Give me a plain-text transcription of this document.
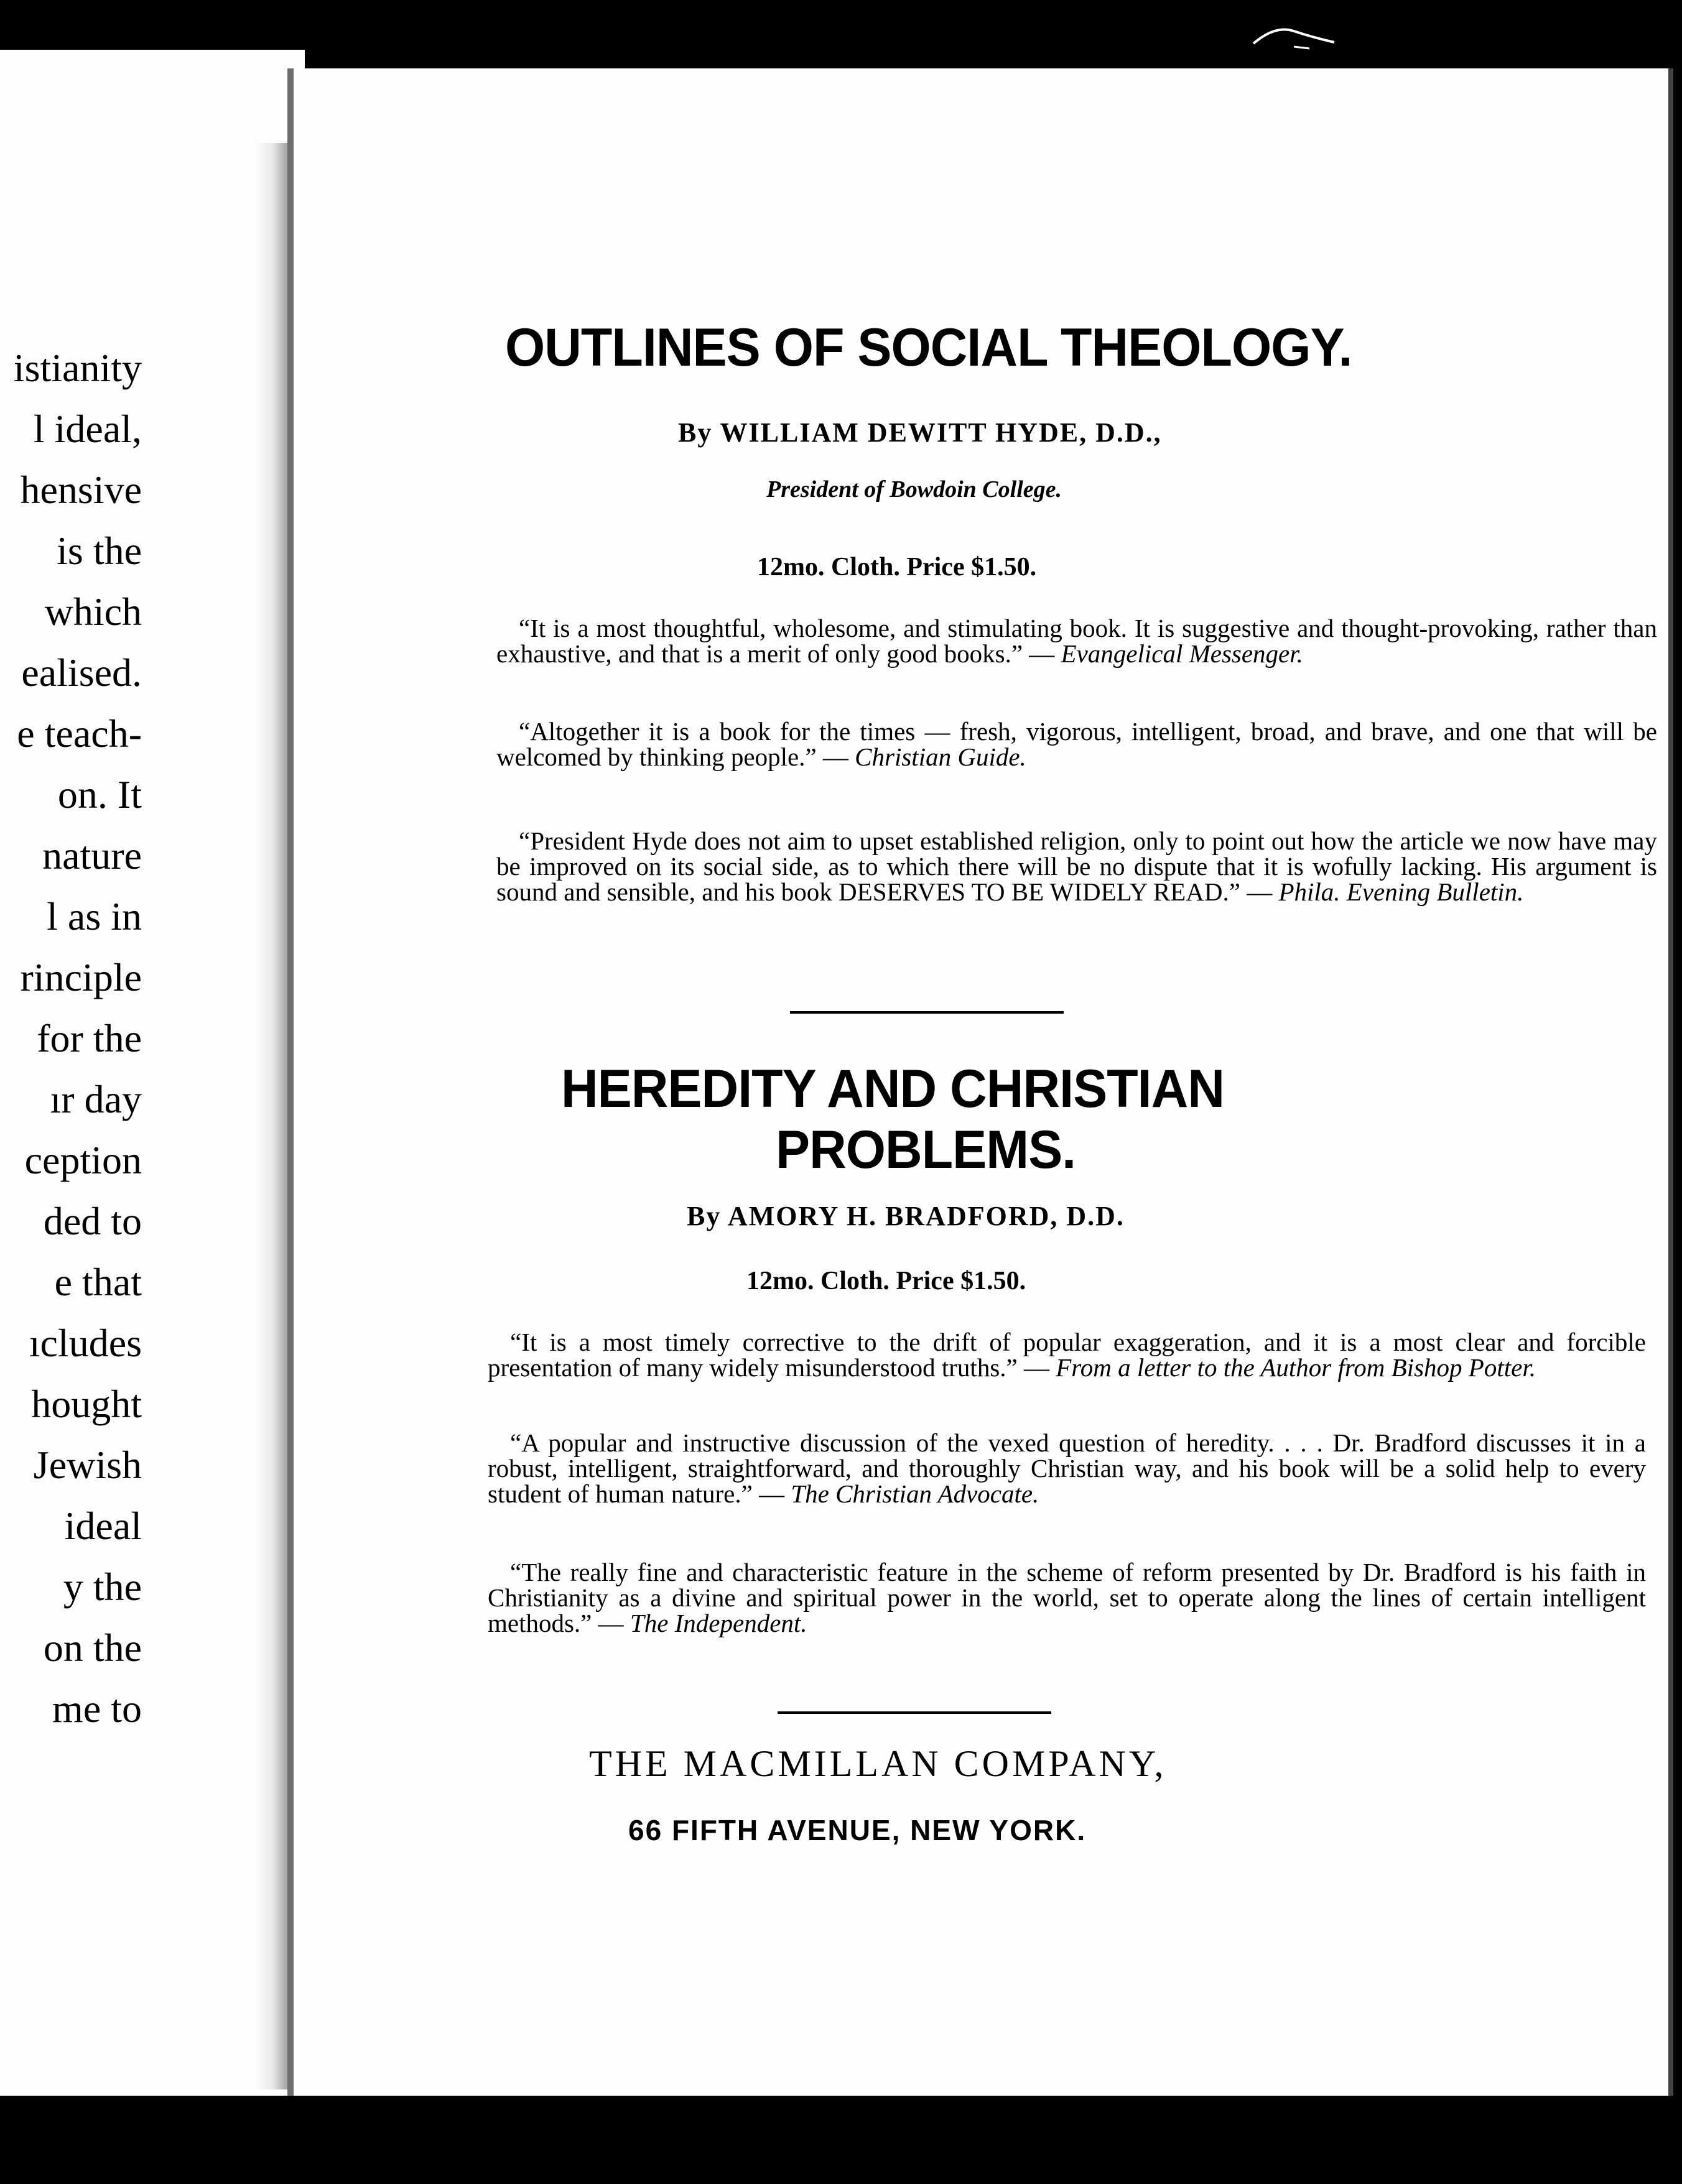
istianity
l ideal,
hensive
is the
which
ealised.
e teach-
on. It
nature
l as in
rinciple
for the
ır day
ception
ded to
e that
ıcludes
hought
Jewish
ideal
y the
on the
me to
OUTLINES OF SOCIAL THEOLOGY.
By WILLIAM DEWITT HYDE, D.D.,
President of Bowdoin College.
12mo. Cloth. Price $1.50.
“It is a most thoughtful, wholesome, and stimulating book. It is suggestive and thought-provoking, rather than exhaustive, and that is a merit of only good books.” — Evangelical Messenger.
“Altogether it is a book for the times — fresh, vigorous, intelligent, broad, and brave, and one that will be welcomed by thinking people.” — Christian Guide.
“President Hyde does not aim to upset established religion, only to point out how the article we now have may be improved on its social side, as to which there will be no dispute that it is wofully lacking. His argument is sound and sensible, and his book DESERVES TO BE WIDELY READ.” — Phila. Evening Bulletin.
HEREDITY AND CHRISTIAN
PROBLEMS.
By AMORY H. BRADFORD, D.D.
12mo. Cloth. Price $1.50.
“It is a most timely corrective to the drift of popular exaggeration, and it is a most clear and forcible presentation of many widely misunderstood truths.” — From a letter to the Author from Bishop Potter.
“A popular and instructive discussion of the vexed question of heredity. . . . Dr. Bradford discusses it in a robust, intelligent, straightforward, and thoroughly Christian way, and his book will be a solid help to every student of human nature.” — The Christian Advocate.
“The really fine and characteristic feature in the scheme of reform presented by Dr. Bradford is his faith in Christianity as a divine and spiritual power in the world, set to operate along the lines of certain intelligent methods.” — The Independent.
THE MACMILLAN COMPANY,
66 FIFTH AVENUE, NEW YORK.
